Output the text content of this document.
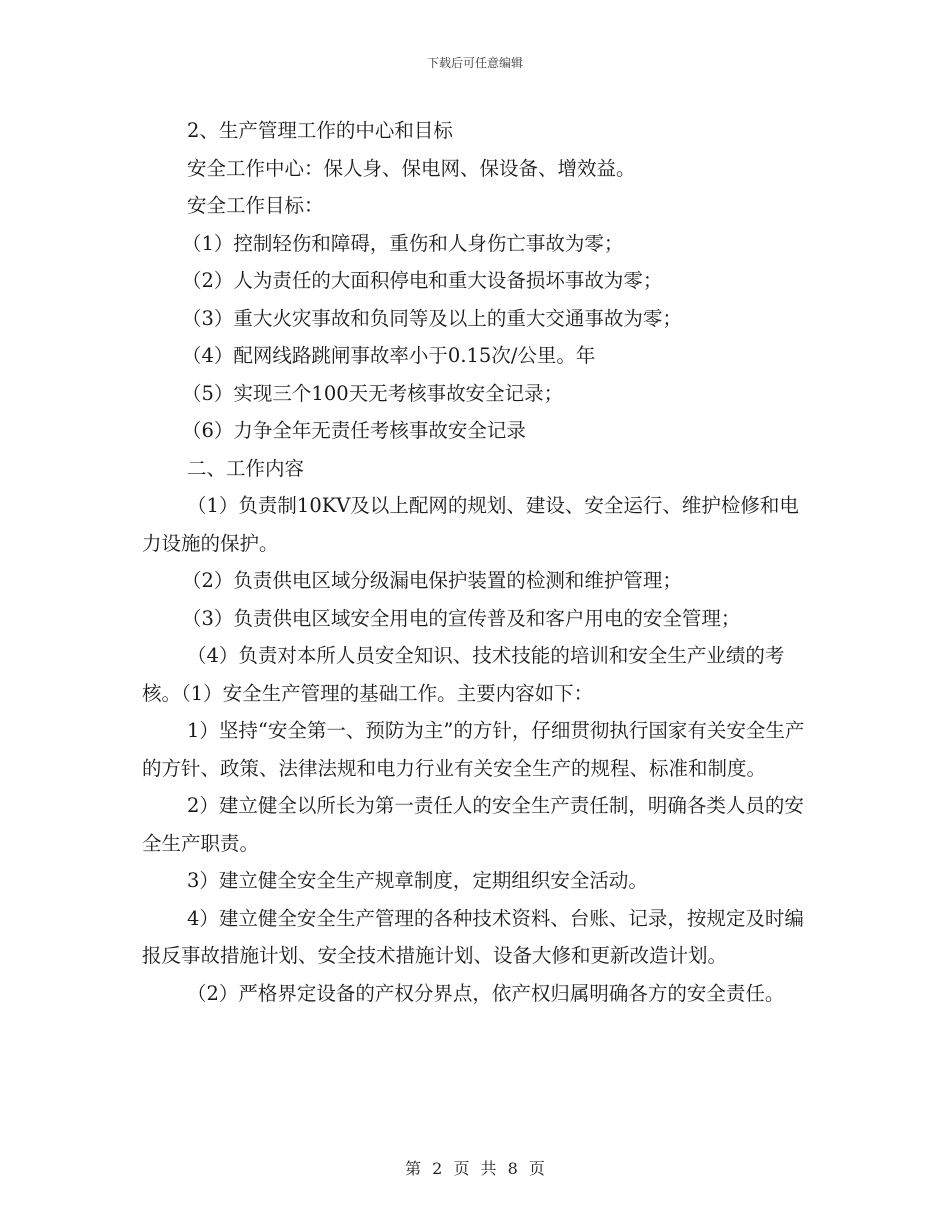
下载后可任意编辑

2、生产管理工作的中心和目标

安全工作中心：保人身、保电网、保设备、增效益。

安全工作目标：

（1）控制轻伤和障碍，重伤和人身伤亡事故为零；

（2）人为责任的大面积停电和重大设备损坏事故为零；

（3）重大火灾事故和负同等及以上的重大交通事故为零；

（4）配网线路跳闸事故率小于0.15次/公里。年

（5）实现三个100天无考核事故安全记录；

（6）力争全年无责任考核事故安全记录

二、工作内容

（1）负责制10KV及以上配网的规划、建设、安全运行、维护检修和电力设施的保护。

（2）负责供电区域分级漏电保护装置的检测和维护管理；

（3）负责供电区域安全用电的宣传普及和客户用电的安全管理；

（4）负责对本所人员安全知识、技术技能的培训和安全生产业绩的考核。（1）安全生产管理的基础工作。主要内容如下：

1）坚持“安全第一、预防为主”的方针，仔细贯彻执行国家有关安全生产的方针、政策、法律法规和电力行业有关安全生产的规程、标准和制度。

2）建立健全以所长为第一责任人的安全生产责任制，明确各类人员的安全生产职责。

3）建立健全安全生产规章制度，定期组织安全活动。

4）建立健全安全生产管理的各种技术资料、台账、记录，按规定及时编报反事故措施计划、安全技术措施计划、设备大修和更新改造计划。

（2）严格界定设备的产权分界点，依产权归属明确各方的安全责任。

第 2 页 共 8 页
